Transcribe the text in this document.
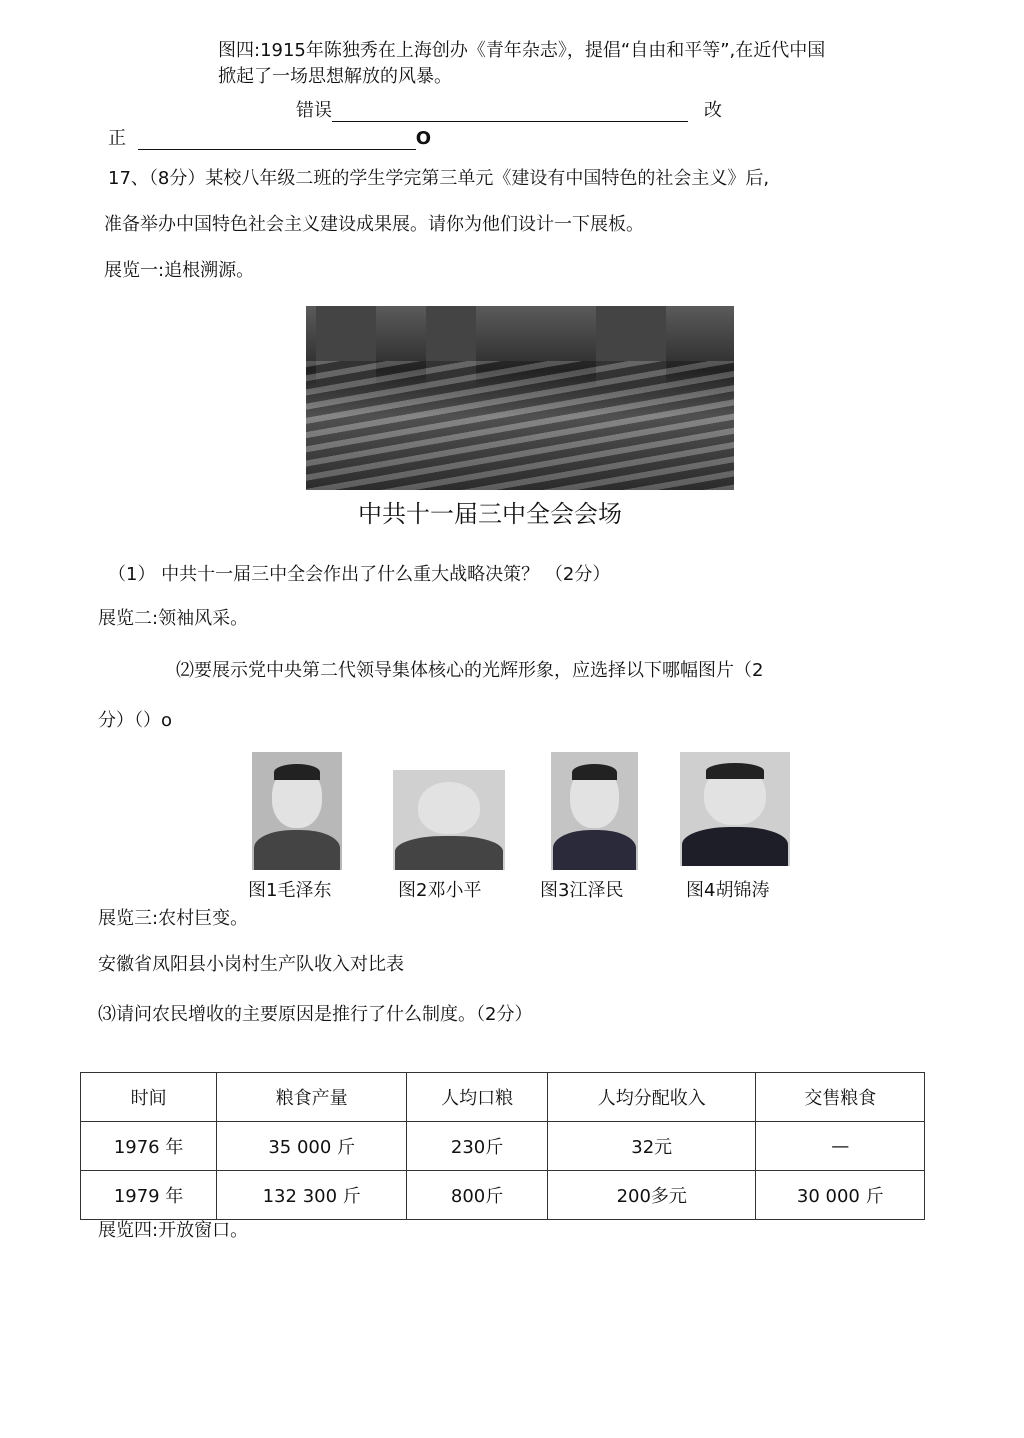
图四:1915年陈独秀在上海创办《青年杂志》，提倡“自由和平等”,在近代中国
掀起了一场思想解放的风暴。
错误	改
正	O
17、（8分）某校八年级二班的学生学完第三单元《建设有中国特色的社会主义》后,
准备举办中国特色社会主义建设成果展。请你为他们设计一下展板。
展览一:追根溯源。
中共十一届三中全会会场
（1） 中共十一届三中全会作出了什么重大战略决策？ （2分）
展览二:领袖风采。
⑵要展示党中央第二代领导集体核心的光辉形象，应选择以下哪幅图片（2
分）（）o
图1毛泽东	图2邓小平	图3江泽民	图4胡锦涛
展览三:农村巨变。
安徽省凤阳县小岗村生产队收入对比表
⑶请问农民增收的主要原因是推行了什么制度。（2分）
时间	粮食产量	人均口粮	人均分配收入	交售粮食
1976 年	35 000 斤	230斤	32元	—
1979 年	132 300 斤	800斤	200多元	30 000 斤
展览四:开放窗口。
